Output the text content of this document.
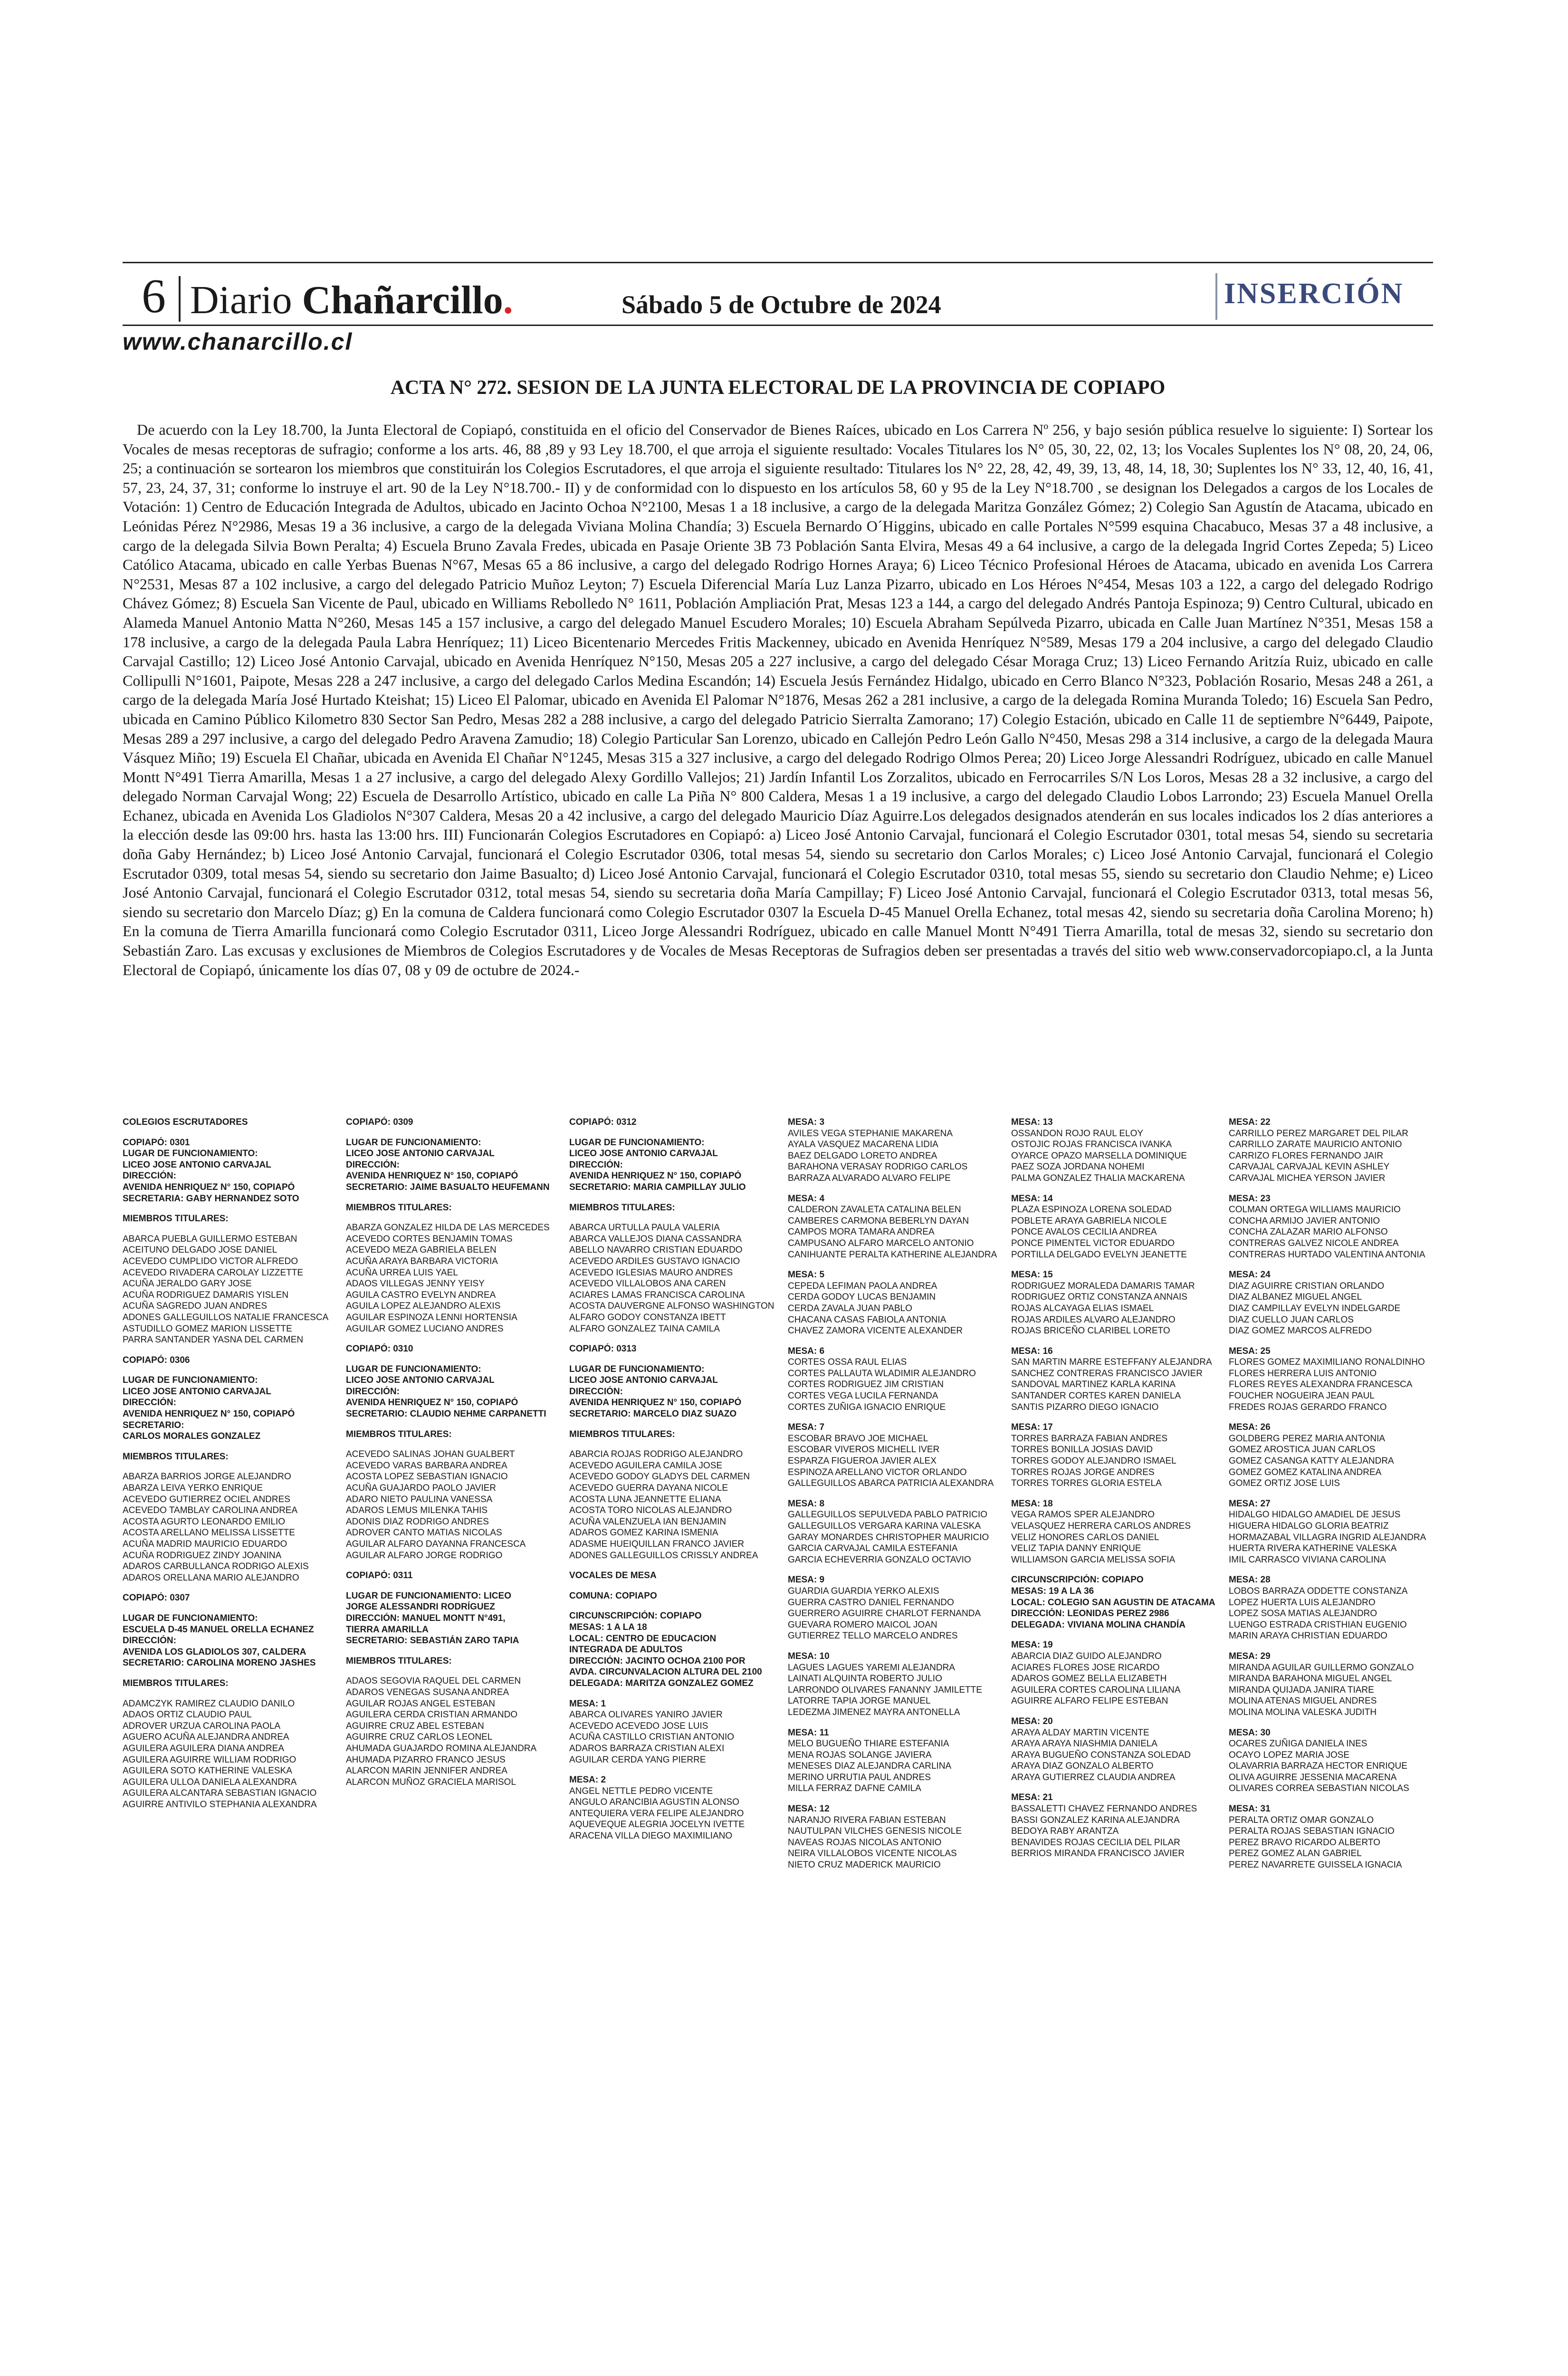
6 Diario Chañarcillo.	Sábado 5 de Octubre de 2024	INSERCIÓN
www.chanarcillo.cl
ACTA N° 272. SESION DE LA JUNTA ELECTORAL DE LA PROVINCIA DE COPIAPO

De acuerdo con la Ley 18.700, la Junta Electoral de Copiapó, constituida en el oficio del Conservador de Bienes Raíces, ubicado en Los Carrera Nº 256, y bajo sesión pública resuelve lo siguiente: I) Sortear los Vocales de mesas receptoras de sufragio; conforme a los arts. 46, 88 ,89 y 93 Ley 18.700, el que arroja el siguiente resultado: Vocales Titulares los N° 05, 30, 22, 02, 13; los Vocales Suplentes los N° 08, 20, 24, 06, 25; a continuación se sortearon los miembros que constituirán los Colegios Escrutadores, el que arroja el siguiente resultado: Titulares los N° 22, 28, 42, 49, 39, 13, 48, 14, 18, 30; Suplentes los N° 33, 12, 40, 16, 41, 57, 23, 24, 37, 31; conforme lo instruye el art. 90 de la Ley N°18.700.- II) y de conformidad con lo dispuesto en los artículos 58, 60 y 95 de la Ley N°18.700 , se designan los Delegados a cargos de los Locales de Votación: 1) Centro de Educación Integrada de Adultos, ubicado en Jacinto Ochoa N°2100, Mesas 1 a 18 inclusive, a cargo de la delegada Maritza González Gómez; 2) Colegio San Agustín de Atacama, ubicado en Leónidas Pérez N°2986, Mesas 19 a 36 inclusive, a cargo de la delegada Viviana Molina Chandía; 3) Escuela Bernardo O´Higgins, ubicado en calle Portales N°599 esquina Chacabuco, Mesas 37 a 48 inclusive, a cargo de la delegada Silvia Bown Peralta; 4) Escuela Bruno Zavala Fredes, ubicada en Pasaje Oriente 3B 73 Población Santa Elvira, Mesas 49 a 64 inclusive, a cargo de la delegada Ingrid Cortes Zepeda; 5) Liceo Católico Atacama, ubicado en calle Yerbas Buenas N°67, Mesas 65 a 86 inclusive, a cargo del delegado Rodrigo Hornes Araya; 6) Liceo Técnico Profesional Héroes de Atacama, ubicado en avenida Los Carrera N°2531, Mesas 87 a 102 inclusive, a cargo del delegado Patricio Muñoz Leyton; 7) Escuela Diferencial María Luz Lanza Pizarro, ubicado en Los Héroes N°454, Mesas 103 a 122, a cargo del delegado Rodrigo Chávez Gómez; 8) Escuela San Vicente de Paul, ubicado en Williams Rebolledo N° 1611, Población Ampliación Prat, Mesas 123 a 144, a cargo del delegado Andrés Pantoja Espinoza; 9) Centro Cultural, ubicado en Alameda Manuel Antonio Matta N°260, Mesas 145 a 157 inclusive, a cargo del delegado Manuel Escudero Morales; 10) Escuela Abraham Sepúlveda Pizarro, ubicada en Calle Juan Martínez N°351, Mesas 158 a 178 inclusive, a cargo de la delegada Paula Labra Henríquez; 11) Liceo Bicentenario Mercedes Fritis Mackenney, ubicado en Avenida Henríquez N°589, Mesas 179 a 204 inclusive, a cargo del delegado Claudio Carvajal Castillo; 12) Liceo José Antonio Carvajal, ubicado en Avenida Henríquez N°150, Mesas 205 a 227 inclusive, a cargo del delegado César Moraga Cruz; 13) Liceo Fernando Aritzía Ruiz, ubicado en calle Collipulli N°1601, Paipote, Mesas 228 a 247 inclusive, a cargo del delegado Carlos Medina Escandón; 14) Escuela Jesús Fernández Hidalgo, ubicado en Cerro Blanco N°323, Población Rosario, Mesas 248 a 261, a cargo de la delegada María José Hurtado Kteishat; 15) Liceo El Palomar, ubicado en Avenida El Palomar N°1876, Mesas 262 a 281 inclusive, a cargo de la delegada Romina Muranda Toledo; 16) Escuela San Pedro, ubicada en Camino Público Kilometro 830 Sector San Pedro, Mesas 282 a 288 inclusive, a cargo del delegado Patricio Sierralta Zamorano; 17) Colegio Estación, ubicado en Calle 11 de septiembre N°6449, Paipote, Mesas 289 a 297 inclusive, a cargo del delegado Pedro Aravena Zamudio; 18) Colegio Particular San Lorenzo, ubicado en Callejón Pedro León Gallo N°450, Mesas 298 a 314 inclusive, a cargo de la delegada Maura Vásquez Miño; 19) Escuela El Chañar, ubicada en Avenida El Chañar N°1245, Mesas 315 a 327 inclusive, a cargo del delegado Rodrigo Olmos Perea; 20) Liceo Jorge Alessandri Rodríguez, ubicado en calle Manuel Montt N°491 Tierra Amarilla, Mesas 1 a 27 inclusive, a cargo del delegado Alexy Gordillo Vallejos; 21) Jardín Infantil Los Zorzalitos, ubicado en Ferrocarriles S/N Los Loros, Mesas 28 a 32 inclusive, a cargo del delegado Norman Carvajal Wong; 22) Escuela de Desarrollo Artístico, ubicado en calle La Piña N° 800 Caldera, Mesas 1 a 19 inclusive, a cargo del delegado Claudio Lobos Larrondo; 23) Escuela Manuel Orella Echanez, ubicada en Avenida Los Gladiolos N°307 Caldera, Mesas 20 a 42 inclusive, a cargo del delegado Mauricio Díaz Aguirre.Los delegados designados atenderán en sus locales indicados los 2 días anteriores a la elección desde las 09:00 hrs. hasta las 13:00 hrs. III) Funcionarán Colegios Escrutadores en Copiapó: a) Liceo José Antonio Carvajal, funcionará el Colegio Escrutador 0301, total mesas 54, siendo su secretaria doña Gaby Hernández; b) Liceo José Antonio Carvajal, funcionará el Colegio Escrutador 0306, total mesas 54, siendo su secretario don Carlos Morales; c) Liceo José Antonio Carvajal, funcionará el Colegio Escrutador 0309, total mesas 54, siendo su secretario don Jaime Basualto; d) Liceo José Antonio Carvajal, funcionará el Colegio Escrutador 0310, total mesas 55, siendo su secretario don Claudio Nehme; e) Liceo José Antonio Carvajal, funcionará el Colegio Escrutador 0312, total mesas 54, siendo su secretaria doña María Campillay; F) Liceo José Antonio Carvajal, funcionará el Colegio Escrutador 0313, total mesas 56, siendo su secretario don Marcelo Díaz; g) En la comuna de Caldera funcionará como Colegio Escrutador 0307 la Escuela D-45 Manuel Orella Echanez, total mesas 42, siendo su secretaria doña Carolina Moreno; h) En la comuna de Tierra Amarilla funcionará como Colegio Escrutador 0311, Liceo Jorge Alessandri Rodríguez, ubicado en calle Manuel Montt N°491 Tierra Amarilla, total de mesas 32, siendo su secretario don Sebastián Zaro. Las excusas y exclusiones de Miembros de Colegios Escrutadores y de Vocales de Mesas Receptoras de Sufragios deben ser presentadas a través del sitio web www.conservadorcopiapo.cl, a la Junta Electoral de Copiapó, únicamente los días 07, 08 y 09 de octubre de 2024.-

COLEGIOS ESCRUTADORES
COPIAPÓ: 0301
LUGAR DE FUNCIONAMIENTO:
LICEO JOSE ANTONIO CARVAJAL
DIRECCIÓN:
AVENIDA HENRIQUEZ N° 150, COPIAPÓ
SECRETARIA: GABY HERNANDEZ SOTO
MIEMBROS TITULARES:
ABARCA PUEBLA GUILLERMO ESTEBAN
ACEITUNO DELGADO JOSE DANIEL
ACEVEDO CUMPLIDO VICTOR ALFREDO
ACEVEDO RIVADERA CAROLAY LIZZETTE
ACUÑA JERALDO GARY JOSE
ACUÑA RODRIGUEZ DAMARIS YISLEN
ACUÑA SAGREDO JUAN ANDRES
ADONES GALLEGUILLOS NATALIE FRANCESCA
ASTUDILLO GOMEZ MARION LISSETTE
PARRA SANTANDER YASNA DEL CARMEN
COPIAPÓ: 0306
LUGAR DE FUNCIONAMIENTO:
LICEO JOSE ANTONIO CARVAJAL
DIRECCIÓN:
AVENIDA HENRIQUEZ N° 150, COPIAPÓ
SECRETARIO:
CARLOS MORALES GONZALEZ
MIEMBROS TITULARES:
ABARZA BARRIOS JORGE ALEJANDRO
ABARZA LEIVA YERKO ENRIQUE
ACEVEDO GUTIERREZ OCIEL ANDRES
ACEVEDO TAMBLAY CAROLINA ANDREA
ACOSTA AGURTO LEONARDO EMILIO
ACOSTA ARELLANO MELISSA LISSETTE
ACUÑA MADRID MAURICIO EDUARDO
ACUÑA RODRIGUEZ ZINDY JOANINA
ADAROS CARBULLANCA RODRIGO ALEXIS
ADAROS ORELLANA MARIO ALEJANDRO
COPIAPÓ: 0307
LUGAR DE FUNCIONAMIENTO:
ESCUELA D-45 MANUEL ORELLA ECHANEZ
DIRECCIÓN:
AVENIDA LOS GLADIOLOS 307, CALDERA
SECRETARIO: CAROLINA MORENO JASHES
MIEMBROS TITULARES:
ADAMCZYK RAMIREZ CLAUDIO DANILO
ADAOS ORTIZ CLAUDIO PAUL
ADROVER URZUA CAROLINA PAOLA
AGUERO ACUÑA ALEJANDRA ANDREA
AGUILERA AGUILERA DIANA ANDREA
AGUILERA AGUIRRE WILLIAM RODRIGO
AGUILERA SOTO KATHERINE VALESKA
AGUILERA ULLOA DANIELA ALEXANDRA
AGUILERA ALCANTARA SEBASTIAN IGNACIO
AGUIRRE ANTIVILO STEPHANIA ALEXANDRA
COPIAPÓ: 0309
LUGAR DE FUNCIONAMIENTO:
LICEO JOSE ANTONIO CARVAJAL
DIRECCIÓN:
AVENIDA HENRIQUEZ N° 150, COPIAPÓ
SECRETARIO: JAIME BASUALTO HEUFEMANN
MIEMBROS TITULARES:
ABARZA GONZALEZ HILDA DE LAS MERCEDES
ACEVEDO CORTES BENJAMIN TOMAS
ACEVEDO MEZA GABRIELA BELEN
ACUÑA ARAYA BARBARA VICTORIA
ACUÑA URREA LUIS YAEL
ADAOS VILLEGAS JENNY YEISY
AGUILA CASTRO EVELYN ANDREA
AGUILA LOPEZ ALEJANDRO ALEXIS
AGUILAR ESPINOZA LENNI HORTENSIA
AGUILAR GOMEZ LUCIANO ANDRES
COPIAPÓ: 0310
LUGAR DE FUNCIONAMIENTO:
LICEO JOSE ANTONIO CARVAJAL
DIRECCIÓN:
AVENIDA HENRIQUEZ N° 150, COPIAPÓ
SECRETARIO: CLAUDIO NEHME CARPANETTI
MIEMBROS TITULARES:
ACEVEDO SALINAS JOHAN GUALBERT
ACEVEDO VARAS BARBARA ANDREA
ACOSTA LOPEZ SEBASTIAN IGNACIO
ACUÑA GUAJARDO PAOLO JAVIER
ADARO NIETO PAULINA VANESSA
ADAROS LEMUS MILENKA TAHIS
ADONIS DIAZ RODRIGO ANDRES
ADROVER CANTO MATIAS NICOLAS
AGUILAR ALFARO DAYANNA FRANCESCA
AGUILAR ALFARO JORGE RODRIGO
COPIAPÓ: 0311
LUGAR DE FUNCIONAMIENTO: LICEO
JORGE ALESSANDRI RODRÍGUEZ
DIRECCIÓN: MANUEL MONTT N°491,
TIERRA AMARILLA
SECRETARIO: SEBASTIÁN ZARO TAPIA
MIEMBROS TITULARES:
ADAOS SEGOVIA RAQUEL DEL CARMEN
ADAROS VENEGAS SUSANA ANDREA
AGUILAR ROJAS ANGEL ESTEBAN
AGUILERA CERDA CRISTIAN ARMANDO
AGUIRRE CRUZ ABEL ESTEBAN
AGUIRRE CRUZ CARLOS LEONEL
AHUMADA GUAJARDO ROMINA ALEJANDRA
AHUMADA PIZARRO FRANCO JESUS
ALARCON MARIN JENNIFER ANDREA
ALARCON MUÑOZ GRACIELA MARISOL
COPIAPÓ: 0312
LUGAR DE FUNCIONAMIENTO:
LICEO JOSE ANTONIO CARVAJAL
DIRECCIÓN:
AVENIDA HENRIQUEZ N° 150, COPIAPÓ
SECRETARIO: MARIA CAMPILLAY JULIO
MIEMBROS TITULARES:
ABARCA URTULLA PAULA VALERIA
ABARCA VALLEJOS DIANA CASSANDRA
ABELLO NAVARRO CRISTIAN EDUARDO
ACEVEDO ARDILES GUSTAVO IGNACIO
ACEVEDO IGLESIAS MAURO ANDRES
ACEVEDO VILLALOBOS ANA CAREN
ACIARES LAMAS FRANCISCA CAROLINA
ACOSTA DAUVERGNE ALFONSO WASHINGTON
ALFARO GODOY CONSTANZA IBETT
ALFARO GONZALEZ TAINA CAMILA
COPIAPÓ: 0313
LUGAR DE FUNCIONAMIENTO:
LICEO JOSE ANTONIO CARVAJAL
DIRECCIÓN:
AVENIDA HENRIQUEZ N° 150, COPIAPÓ
SECRETARIO: MARCELO DIAZ SUAZO
MIEMBROS TITULARES:
ABARCIA ROJAS RODRIGO ALEJANDRO
ACEVEDO AGUILERA CAMILA JOSE
ACEVEDO GODOY GLADYS DEL CARMEN
ACEVEDO GUERRA DAYANA NICOLE
ACOSTA LUNA JEANNETTE ELIANA
ACOSTA TORO NICOLAS ALEJANDRO
ACUÑA VALENZUELA IAN BENJAMIN
ADAROS GOMEZ KARINA ISMENIA
ADASME HUEIQUILLAN FRANCO JAVIER
ADONES GALLEGUILLOS CRISSLY ANDREA
VOCALES DE MESA
COMUNA: COPIAPO
CIRCUNSCRIPCIÓN: COPIAPO
MESAS: 1 A LA 18
LOCAL: CENTRO DE EDUCACION
INTEGRADA DE ADULTOS
DIRECCIÓN: JACINTO OCHOA 2100 POR
AVDA. CIRCUNVALACION ALTURA DEL 2100
DELEGADA: MARITZA GONZALEZ GOMEZ
MESA: 1
ABARCA OLIVARES YANIRO JAVIER
ACEVEDO ACEVEDO JOSE LUIS
ACUÑA CASTILLO CRISTIAN ANTONIO
ADAROS BARRAZA CRISTIAN ALEXI
AGUILAR CERDA YANG PIERRE
MESA: 2
ANGEL NETTLE PEDRO VICENTE
ANGULO ARANCIBIA AGUSTIN ALONSO
ANTEQUIERA VERA FELIPE ALEJANDRO
AQUEVEQUE ALEGRIA JOCELYN IVETTE
ARACENA VILLA DIEGO MAXIMILIANO
MESA: 3
AVILES VEGA STEPHANIE MAKARENA
AYALA VASQUEZ MACARENA LIDIA
BAEZ DELGADO LORETO ANDREA
BARAHONA VERASAY RODRIGO CARLOS
BARRAZA ALVARADO ALVARO FELIPE
MESA: 4
CALDERON ZAVALETA CATALINA BELEN
CAMBERES CARMONA BEBERLYN DAYAN
CAMPOS MORA TAMARA ANDREA
CAMPUSANO ALFARO MARCELO ANTONIO
CANIHUANTE PERALTA KATHERINE ALEJANDRA
MESA: 5
CEPEDA LEFIMAN PAOLA ANDREA
CERDA GODOY LUCAS BENJAMIN
CERDA ZAVALA JUAN PABLO
CHACANA CASAS FABIOLA ANTONIA
CHAVEZ ZAMORA VICENTE ALEXANDER
MESA: 6
CORTES OSSA RAUL ELIAS
CORTES PALLAUTA WLADIMIR ALEJANDRO
CORTES RODRIGUEZ JIM CRISTIAN
CORTES VEGA LUCILA FERNANDA
CORTES ZUÑIGA IGNACIO ENRIQUE
MESA: 7
ESCOBAR BRAVO JOE MICHAEL
ESCOBAR VIVEROS MICHELL IVER
ESPARZA FIGUEROA JAVIER ALEX
ESPINOZA ARELLANO VICTOR ORLANDO
GALLEGUILLOS ABARCA PATRICIA ALEXANDRA
MESA: 8
GALLEGUILLOS SEPULVEDA PABLO PATRICIO
GALLEGUILLOS VERGARA KARINA VALESKA
GARAY MONARDES CHRISTOPHER MAURICIO
GARCIA CARVAJAL CAMILA ESTEFANIA
GARCIA ECHEVERRIA GONZALO OCTAVIO
MESA: 9
GUARDIA GUARDIA YERKO ALEXIS
GUERRA CASTRO DANIEL FERNANDO
GUERRERO AGUIRRE CHARLOT FERNANDA
GUEVARA ROMERO MAICOL JOAN
GUTIERREZ TELLO MARCELO ANDRES
MESA: 10
LAGUES LAGUES YAREMI ALEJANDRA
LAINATI ALQUINTA ROBERTO JULIO
LARRONDO OLIVARES FANANNY JAMILETTE
LATORRE TAPIA JORGE MANUEL
LEDEZMA JIMENEZ MAYRA ANTONELLA
MESA: 11
MELO BUGUEÑO THIARE ESTEFANIA
MENA ROJAS SOLANGE JAVIERA
MENESES DIAZ ALEJANDRA CARLINA
MERINO URRUTIA PAUL ANDRES
MILLA FERRAZ DAFNE CAMILA
MESA: 12
NARANJO RIVERA FABIAN ESTEBAN
NAUTULPAN VILCHES GENESIS NICOLE
NAVEAS ROJAS NICOLAS ANTONIO
NEIRA VILLALOBOS VICENTE NICOLAS
NIETO CRUZ MADERICK MAURICIO
MESA: 13
OSSANDON ROJO RAUL ELOY
OSTOJIC ROJAS FRANCISCA IVANKA
OYARCE OPAZO MARSELLA DOMINIQUE
PAEZ SOZA JORDANA NOHEMI
PALMA GONZALEZ THALIA MACKARENA
MESA: 14
PLAZA ESPINOZA LORENA SOLEDAD
POBLETE ARAYA GABRIELA NICOLE
PONCE AVALOS CECILIA ANDREA
PONCE PIMENTEL VICTOR EDUARDO
PORTILLA DELGADO EVELYN JEANETTE
MESA: 15
RODRIGUEZ MORALEDA DAMARIS TAMAR
RODRIGUEZ ORTIZ CONSTANZA ANNAIS
ROJAS ALCAYAGA ELIAS ISMAEL
ROJAS ARDILES ALVARO ALEJANDRO
ROJAS BRICEÑO CLARIBEL LORETO
MESA: 16
SAN MARTIN MARRE ESTEFFANY ALEJANDRA
SANCHEZ CONTRERAS FRANCISCO JAVIER
SANDOVAL MARTINEZ KARLA KARINA
SANTANDER CORTES KAREN DANIELA
SANTIS PIZARRO DIEGO IGNACIO
MESA: 17
TORRES BARRAZA FABIAN ANDRES
TORRES BONILLA JOSIAS DAVID
TORRES GODOY ALEJANDRO ISMAEL
TORRES ROJAS JORGE ANDRES
TORRES TORRES GLORIA ESTELA
MESA: 18
VEGA RAMOS SPER ALEJANDRO
VELASQUEZ HERRERA CARLOS ANDRES
VELIZ HONORES CARLOS DANIEL
VELIZ TAPIA DANNY ENRIQUE
WILLIAMSON GARCIA MELISSA SOFIA
CIRCUNSCRIPCIÓN: COPIAPO
MESAS: 19 A LA 36
LOCAL: COLEGIO SAN AGUSTIN DE ATACAMA
DIRECCIÓN: LEONIDAS PEREZ 2986
DELEGADA: VIVIANA MOLINA CHANDÍA
MESA: 19
ABARCIA DIAZ GUIDO ALEJANDRO
ACIARES FLORES JOSE RICARDO
ADAROS GOMEZ BELLA ELIZABETH
AGUILERA CORTES CAROLINA LILIANA
AGUIRRE ALFARO FELIPE ESTEBAN
MESA: 20
ARAYA ALDAY MARTIN VICENTE
ARAYA ARAYA NIASHMIA DANIELA
ARAYA BUGUEÑO CONSTANZA SOLEDAD
ARAYA DIAZ GONZALO ALBERTO
ARAYA GUTIERREZ CLAUDIA ANDREA
MESA: 21
BASSALETTI CHAVEZ FERNANDO ANDRES
BASSI GONZALEZ KARINA ALEJANDRA
BEDOYA RABY ARANTZA
BENAVIDES ROJAS CECILIA DEL PILAR
BERRIOS MIRANDA FRANCISCO JAVIER
MESA: 22
CARRILLO PEREZ MARGARET DEL PILAR
CARRILLO ZARATE MAURICIO ANTONIO
CARRIZO FLORES FERNANDO JAIR
CARVAJAL CARVAJAL KEVIN ASHLEY
CARVAJAL MICHEA YERSON JAVIER
MESA: 23
COLMAN ORTEGA WILLIAMS MAURICIO
CONCHA ARMIJO JAVIER ANTONIO
CONCHA ZALAZAR MARIO ALFONSO
CONTRERAS GALVEZ NICOLE ANDREA
CONTRERAS HURTADO VALENTINA ANTONIA
MESA: 24
DIAZ AGUIRRE CRISTIAN ORLANDO
DIAZ ALBANEZ MIGUEL ANGEL
DIAZ CAMPILLAY EVELYN INDELGARDE
DIAZ CUELLO JUAN CARLOS
DIAZ GOMEZ MARCOS ALFREDO
MESA: 25
FLORES GOMEZ MAXIMILIANO RONALDINHO
FLORES HERRERA LUIS ANTONIO
FLORES REYES ALEXANDRA FRANCESCA
FOUCHER NOGUEIRA JEAN PAUL
FREDES ROJAS GERARDO FRANCO
MESA: 26
GOLDBERG PEREZ MARIA ANTONIA
GOMEZ AROSTICA JUAN CARLOS
GOMEZ CASANGA KATTY ALEJANDRA
GOMEZ GOMEZ KATALINA ANDREA
GOMEZ ORTIZ JOSE LUIS
MESA: 27
HIDALGO HIDALGO AMADIEL DE JESUS
HIGUERA HIDALGO GLORIA BEATRIZ
HORMAZABAL VILLAGRA INGRID ALEJANDRA
HUERTA RIVERA KATHERINE VALESKA
IMIL CARRASCO VIVIANA CAROLINA
MESA: 28
LOBOS BARRAZA ODDETTE CONSTANZA
LOPEZ HUERTA LUIS ALEJANDRO
LOPEZ SOSA MATIAS ALEJANDRO
LUENGO ESTRADA CRISTHIAN EUGENIO
MARIN ARAYA CHRISTIAN EDUARDO
MESA: 29
MIRANDA AGUILAR GUILLERMO GONZALO
MIRANDA BARAHONA MIGUEL ANGEL
MIRANDA QUIJADA JANIRA TIARE
MOLINA ATENAS MIGUEL ANDRES
MOLINA MOLINA VALESKA JUDITH
MESA: 30
OCARES ZUÑIGA DANIELA INES
OCAYO LOPEZ MARIA JOSE
OLAVARRIA BARRAZA HECTOR ENRIQUE
OLIVA AGUIRRE JESSENIA MACARENA
OLIVARES CORREA SEBASTIAN NICOLAS
MESA: 31
PERALTA ORTIZ OMAR GONZALO
PERALTA ROJAS SEBASTIAN IGNACIO
PEREZ BRAVO RICARDO ALBERTO
PEREZ GOMEZ ALAN GABRIEL
PEREZ NAVARRETE GUISSELA IGNACIA
